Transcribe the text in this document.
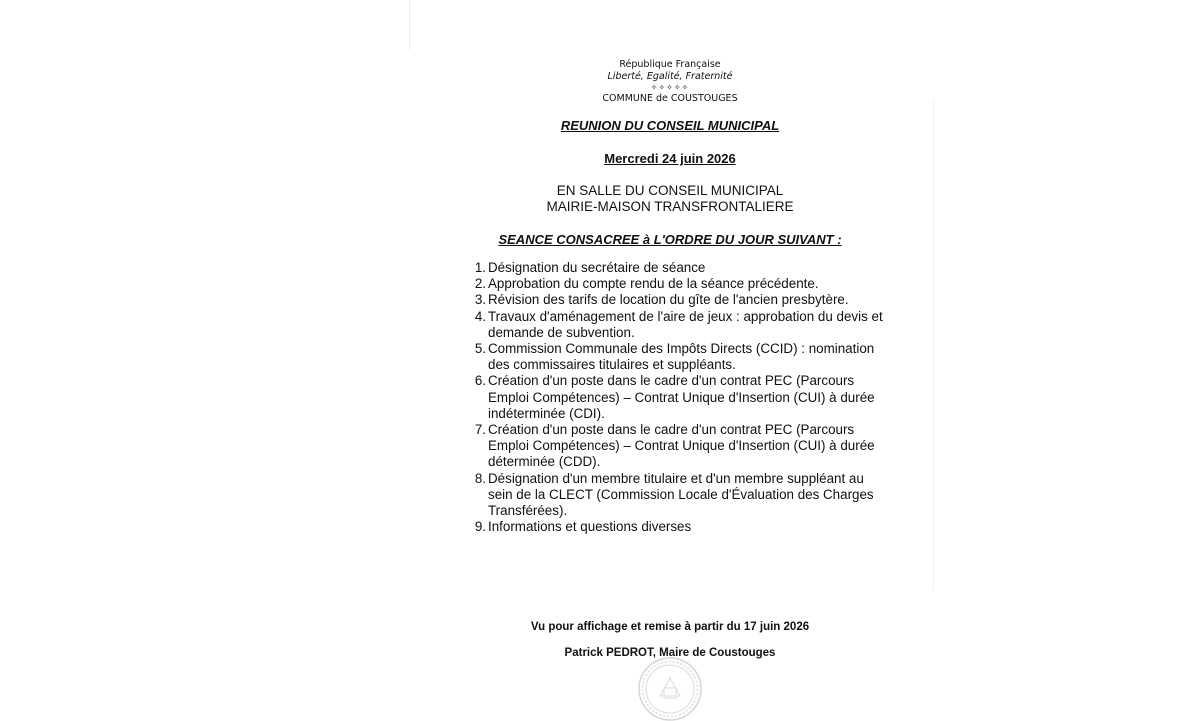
République Française
Liberté, Egalité, Fraternité
✧✧✧✧✧
COMMUNE de COUSTOUGES
REUNION DU CONSEIL MUNICIPAL
Mercredi 24 juin 2026
EN SALLE DU CONSEIL MUNICIPAL
MAIRIE-MAISON TRANSFRONTALIERE
SEANCE CONSACREE à L'ORDRE DU JOUR SUIVANT :
1. Désignation du secrétaire de séance
2. Approbation du compte rendu de la séance précédente.
3. Révision des tarifs de location du gîte de l'ancien presbytère.
4. Travaux d'aménagement de l'aire de jeux : approbation du devis et demande de subvention.
5. Commission Communale des Impôts Directs (CCID) : nomination des commissaires titulaires et suppléants.
6. Création d'un poste dans le cadre d'un contrat PEC (Parcours Emploi Compétences) – Contrat Unique d'Insertion (CUI) à durée indéterminée (CDI).
7. Création d'un poste dans le cadre d'un contrat PEC (Parcours Emploi Compétences) – Contrat Unique d'Insertion (CUI) à durée déterminée (CDD).
8. Désignation d'un membre titulaire et d'un membre suppléant au sein de la CLECT (Commission Locale d'Évaluation des Charges Transférées).
9. Informations et questions diverses
Vu pour affichage et remise à partir du 17 juin 2026
Patrick PEDROT, Maire de Coustouges
